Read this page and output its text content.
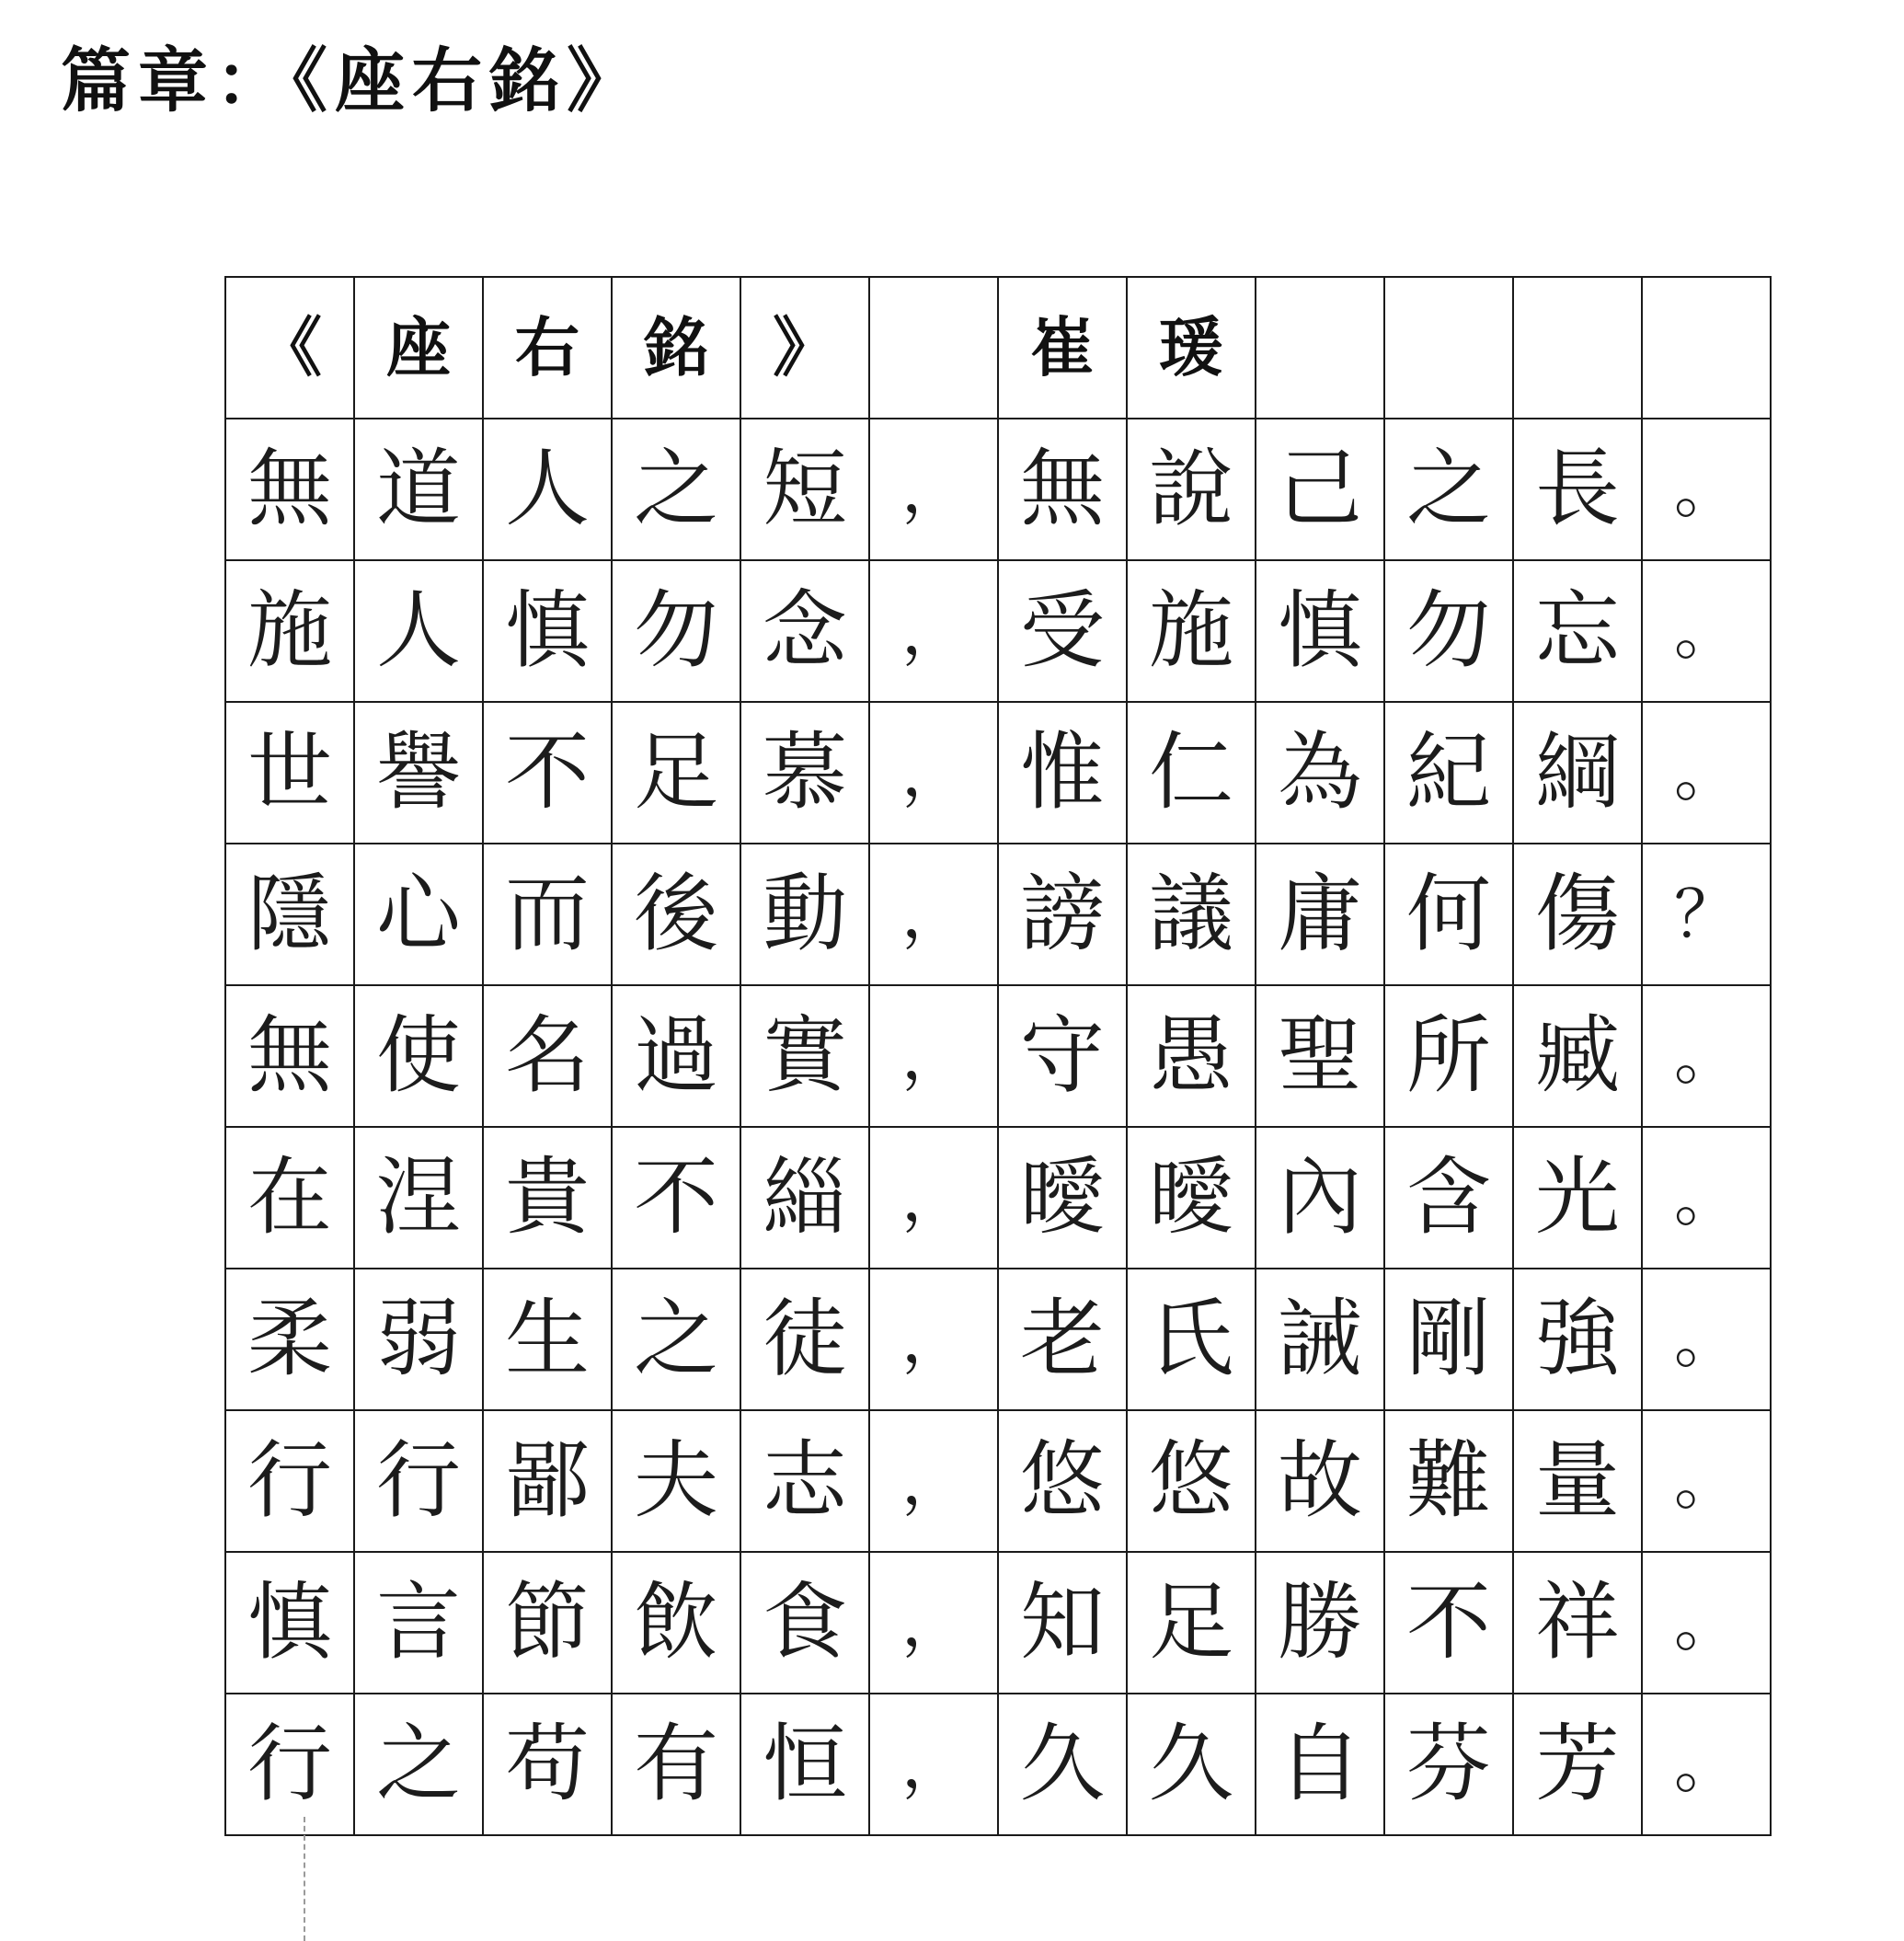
篇章：《座右銘》
《	座	右	銘	》		崔	瑗				
無	道	人	之	短	，	無	說	己	之	長	。
施	人	慎	勿	念	，	受	施	慎	勿	忘	。
世	譽	不	足	慕	，	惟	仁	為	紀	綱	。
隱	心	而	後	動	，	謗	議	庸	何	傷	？
無	使	名	過	實	，	守	愚	聖	所	臧	。
在	涅	貴	不	緇	，	曖	曖	內	含	光	。
柔	弱	生	之	徒	，	老	氏	誡	剛	強	。
行	行	鄙	夫	志	，	悠	悠	故	難	量	。
慎	言	節	飲	食	，	知	足	勝	不	祥	。
行	之	苟	有	恒	，	久	久	自	芬	芳	。
